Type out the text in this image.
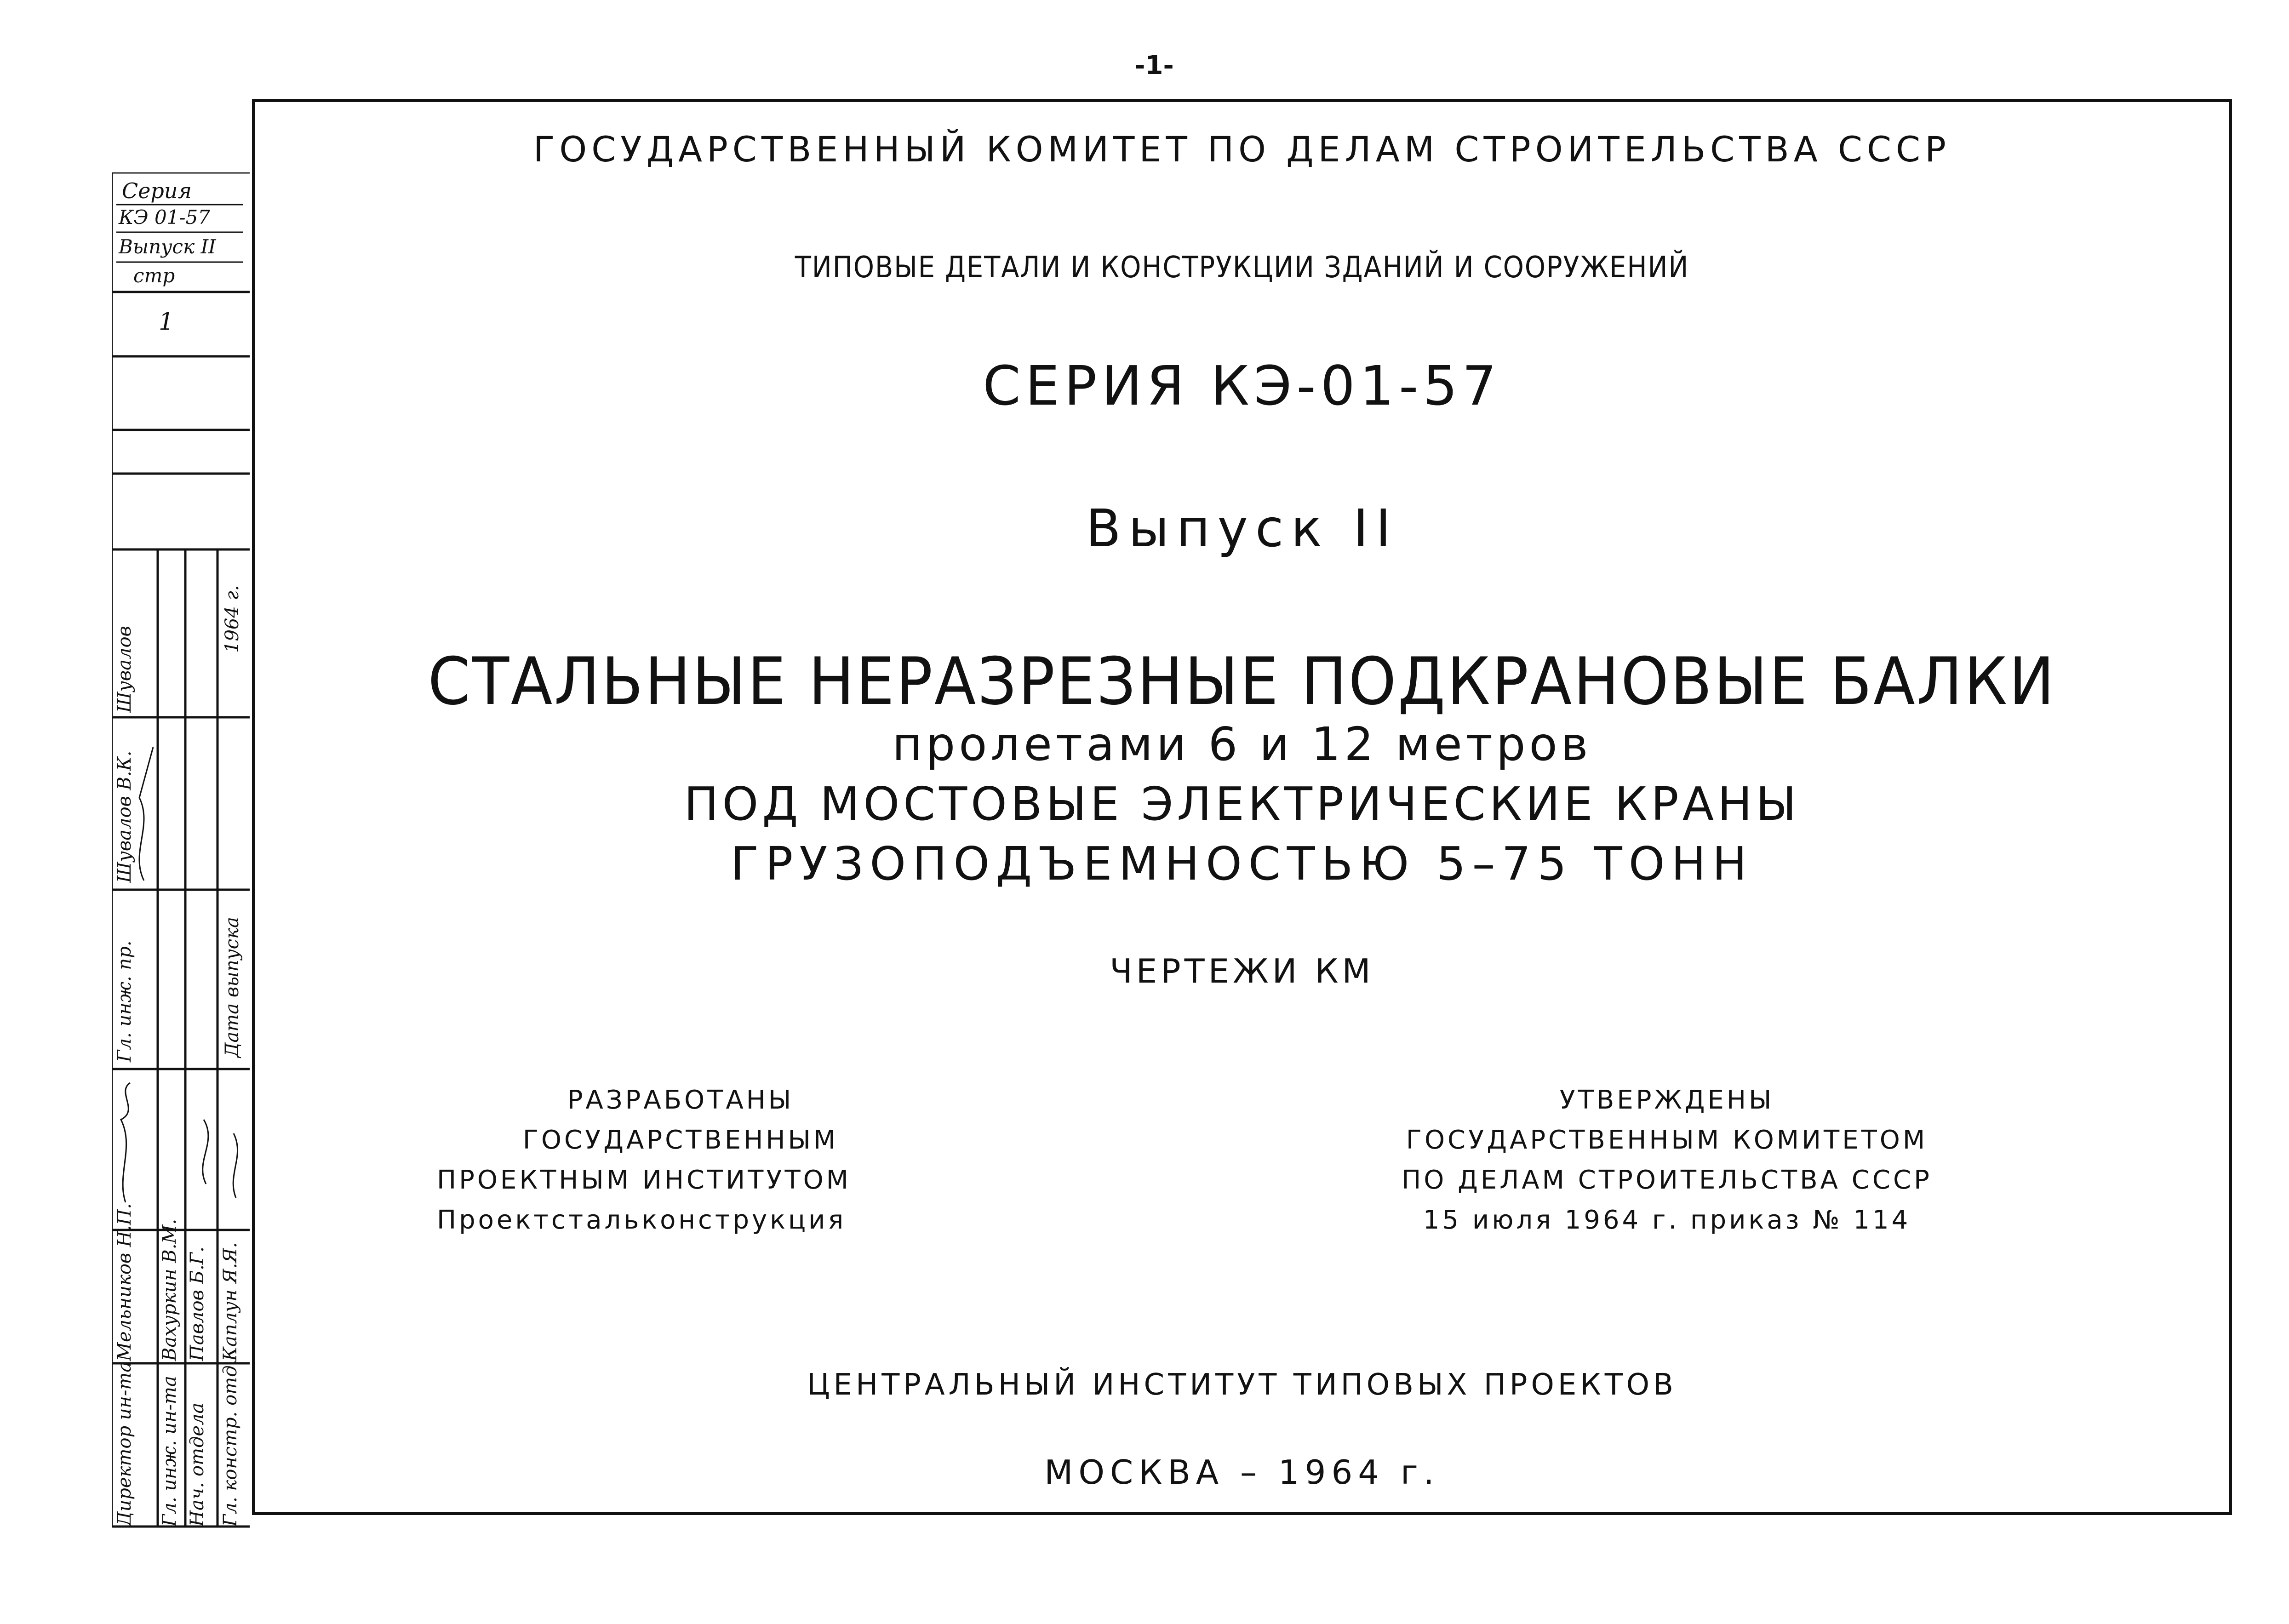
-1-
ГОСУДАРСТВЕННЫЙ КОМИТЕТ ПО ДЕЛАМ СТРОИТЕЛЬСТВА СССР
ТИПОВЫЕ ДЕТАЛИ И КОНСТРУКЦИИ ЗДАНИЙ И СООРУЖЕНИЙ
СЕРИЯ КЭ-01-57
Выпуск II
СТАЛЬНЫЕ НЕРАЗРЕЗНЫЕ ПОДКРАНОВЫЕ БАЛКИ
пролетами 6 и 12 метров
ПОД МОСТОВЫЕ ЭЛЕКТРИЧЕСКИЕ КРАНЫ
ГРУЗОПОДЪЕМНОСТЬЮ 5–75 ТОНН
ЧЕРТЕЖИ КМ
РАЗРАБОТАНЫ
ГОСУДАРСТВЕННЫМ
ПРОЕКТНЫМ ИНСТИТУТОМ
Проектстальконструкция
УТВЕРЖДЕНЫ
ГОСУДАРСТВЕННЫМ КОМИТЕТОМ
ПО ДЕЛАМ СТРОИТЕЛЬСТВА СССР
15 июля 1964 г. приказ № 114
ЦЕНТРАЛЬНЫЙ ИНСТИТУТ ТИПОВЫХ ПРОЕКТОВ
МОСКВА – 1964 г.
Серия
КЭ 01-57
Выпуск II
стр
1
Директор ин-та Гл. инж. ин-та Нач. отдела Гл. констр. отд.
Мельников Н.П. Вахуркин В.М. Павлов Б.Г. Каплун Я.Я.
Гл. инж. пр.
Шувалов В.К.
Шувалов
Дата выпуска
1964 г.
